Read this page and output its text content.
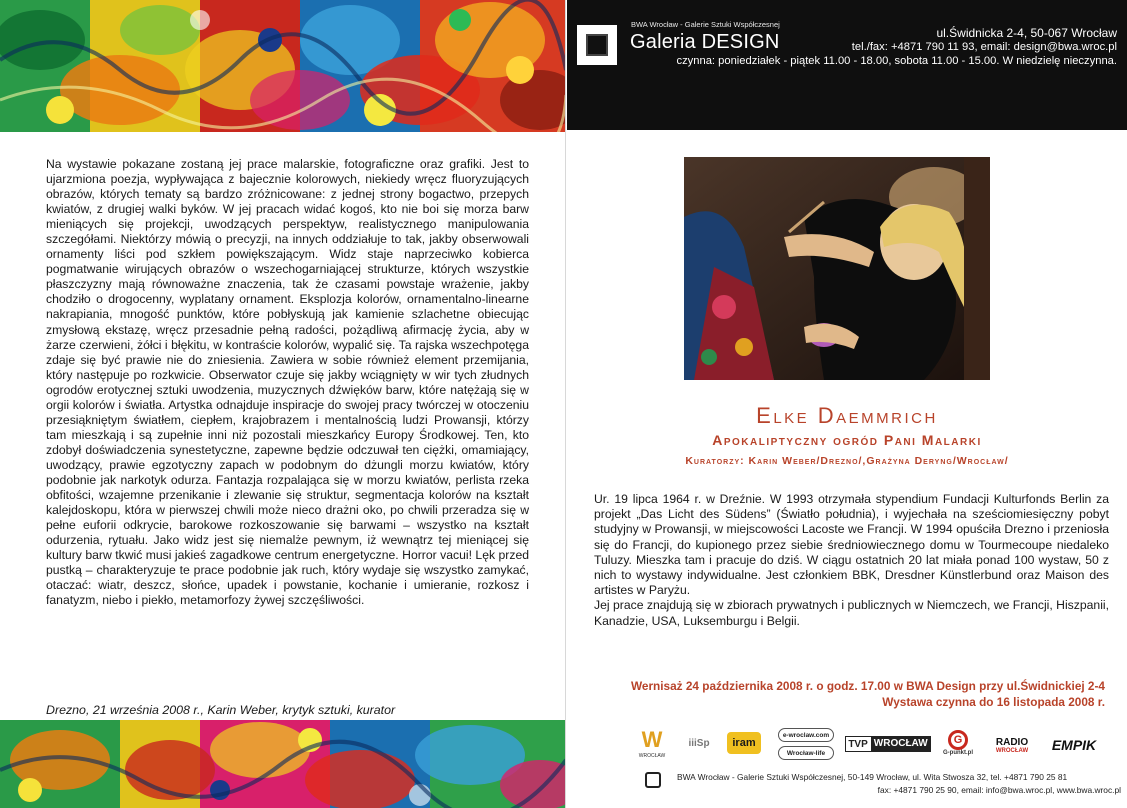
Na wystawie pokazane zostaną jej prace malarskie, fotograficzne oraz grafiki. Jest to ujarzmiona poezja, wypływająca z bajecznie kolorowych, niekiedy wręcz fluoryzujących obrazów, których tematy są bardzo zróżnicowane: z jednej strony bogactwo, przepych kwiatów, z drugiej walki byków. W jej pracach widać kogoś, kto nie boi się morza barw mieniących się projekcji, uwodzących perspektyw, realistycznego manipulowania szczegółami. Niektórzy mówią o precyzji, na innych oddziałuje to tak, jakby obserwowali ornamenty liści pod szkłem powiększającym. Widz staje naprzeciwko kobierca pogmatwanie wirujących obrazów o wszechogarniającej strukturze, których wszystkie płaszczyzny mają równoważne znaczenia, tak że czasami powstaje wrażenie, jakby chodziło o drogocenny, wyplatany ornament. Eksplozja kolorów, ornamentalno-linearne nakrapiania, mnogość punktów, które pobłyskują jak kamienie szlachetne obiecując zmysłową ekstazę, wręcz przesadnie pełną radości, pożądliwą afirmację życia, aby w żarze czerwieni, żółci i błękitu, w kontraście kolorów, wypalić się. Ta rajska wszechpotęga zdaje się być prawie nie do zniesienia. Zawiera w sobie również element przemijania, który następuje po rozkwicie. Obserwator czuje się jakby wciągnięty w wir tych złudnych ogrodów erotycznej sztuki uwodzenia, muzycznych dźwięków barw, które natężają się w orgii kolorów i światła. Artystka odnajduje inspiracje do swojej pracy twórczej w otoczeniu przesiąkniętym światłem, ciepłem, krajobrazem i mentalnością ludzi Prowansji, którzy tam mieszkają i są zupełnie inni niż pozostali mieszkańcy Europy Środkowej. Ten, kto zdobył doświadczenia synestetyczne, zapewne będzie odczuwał ten ciężki, omamiający, uwodzący, prawie egzotyczny zapach w podobnym do dżungli morzu kwiatów, który podobnie jak narkotyk odurza. Fantazja rozpalająca się w morzu kwiatów, perlista rzeka obfitości, wzajemne przenikanie i zlewanie się struktur, segmentacja kolorów na kształt kalejdoskopu, która w pierwszej chwili może nieco drażni oko, po chwili przeradza się w pełne euforii odkrycie, barokowe rozkoszowanie się barwami – wszystko na kształt odurzenia, rytuału. Jako widz jest się niemalże pewnym, iż wewnątrz tej mieniącej się kultury barw tkwić musi jakieś zagadkowe centrum energetyczne. Horror vacui! Lęk przed pustką – charakteryzuje te prace podobnie jak ruch, który wydaje się wszystko zamykać, otaczać: wiatr, deszcz, słońce, upadek i powstanie, kochanie i umieranie, rozkosz i fanatyzm, niebo i piekło, metamorfozy żywej szczęśliwości.

Drezno, 21 września 2008 r., Karin Weber, krytyk sztuki, kurator

BWA Wrocław - Galerie Sztuki Współczesnej
Galeria DESIGN	ul.Świdnicka 2-4, 50-067 Wrocław
tel./fax: +4871 790 11 93, email: design@bwa.wroc.pl
czynna: poniedziałek - piątek 11.00 - 18.00, sobota 11.00 - 15.00. W niedzielę nieczynna.
Elke Daemmrich
Apokaliptyczny ogród Pani Malarki
Kuratorzy: Karin Weber/Drezno/,Grażyna Deryng/Wrocław/

Ur. 19 lipca 1964 r. w Dreźnie. W 1993 otrzymała stypendium Fundacji Kulturfonds Berlin za projekt „Das Licht des Südens” (Światło południa), i wyjechała na sześciomiesięczny pobyt studyjny w Prowansji, w miejscowości Lacoste we Francji. W 1994 opuściła Drezno i przeniosła się do Francji, do kupionego przez siebie średniowiecznego domu w Tourmecoupe niedaleko Tuluzy. Mieszka tam i pracuje do dziś. W ciągu ostatnich 20 lat miała ponad 100 wystaw, 50 z nich to wystawy indywidualne. Jest członkiem BBK, Dresdner Künstlerbund oraz Maison des artistes w Paryżu.

Jej prace znajdują się w zbiorach prywatnych i publicznych w Niemczech, we Francji, Hiszpanii, Kanadzie, USA, Luksemburgu i Belgii.

Wernisaż 24 października 2008 r. o godz. 17.00 w BWA Design przy ul.Świdnickiej 2-4
Wystawa czynna do 16 listopada 2008 r.
W
WROCŁAW
iiiSp iram
e-wroclaw.com
Wrocław-life
TVP WROCŁAW	G
G-punkt.pl
RADIO
WROCŁAW EMPIK
BWA Wrocław - Galerie Sztuki Współczesnej, 50-149 Wrocław, ul. Wita Stwosza 32, tel. +4871 790 25 81
fax: +4871 790 25 90, email: info@bwa.wroc.pl, www.bwa.wroc.pl
